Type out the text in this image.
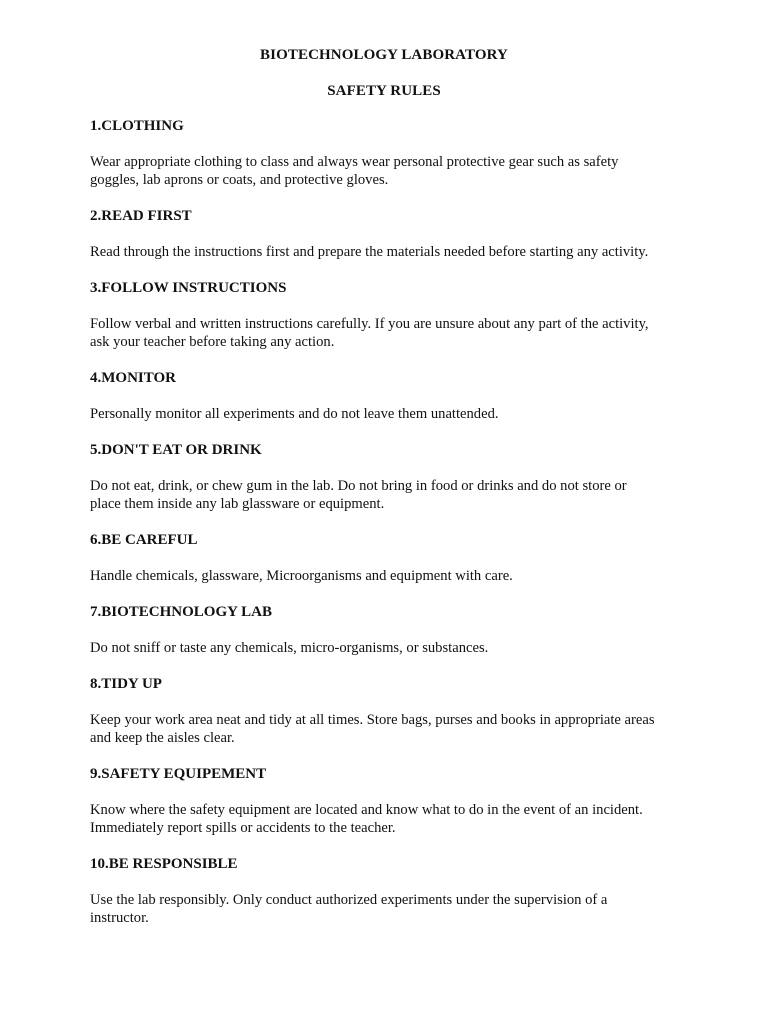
BIOTECHNOLOGY LABORATORY
SAFETY RULES
1.CLOTHING
Wear appropriate clothing to class and always wear personal protective gear such as safety
goggles, lab aprons or coats, and protective gloves.
2.READ FIRST
Read through the instructions first and prepare the materials needed before starting any activity.
3.FOLLOW INSTRUCTIONS
Follow verbal and written instructions carefully. If you are unsure about any part of the activity,
ask your teacher before taking any action.
4.MONITOR
Personally monitor all experiments and do not leave them unattended.
5.DON'T EAT OR DRINK
Do not eat, drink, or chew gum in the lab. Do not bring in food or drinks and do not store or
place them inside any lab glassware or equipment.
6.BE CAREFUL
Handle chemicals, glassware, Microorganisms and equipment with care.
7.BIOTECHNOLOGY LAB
Do not sniff or taste any chemicals, micro-organisms, or substances.
8.TIDY UP
Keep your work area neat and tidy at all times. Store bags, purses and books in appropriate areas
and keep the aisles clear.
9.SAFETY EQUIPEMENT
Know where the safety equipment are located and know what to do in the event of an incident.
Immediately report spills or accidents to the teacher.
10.BE RESPONSIBLE
Use the lab responsibly. Only conduct authorized experiments under the supervision of a
instructor.
